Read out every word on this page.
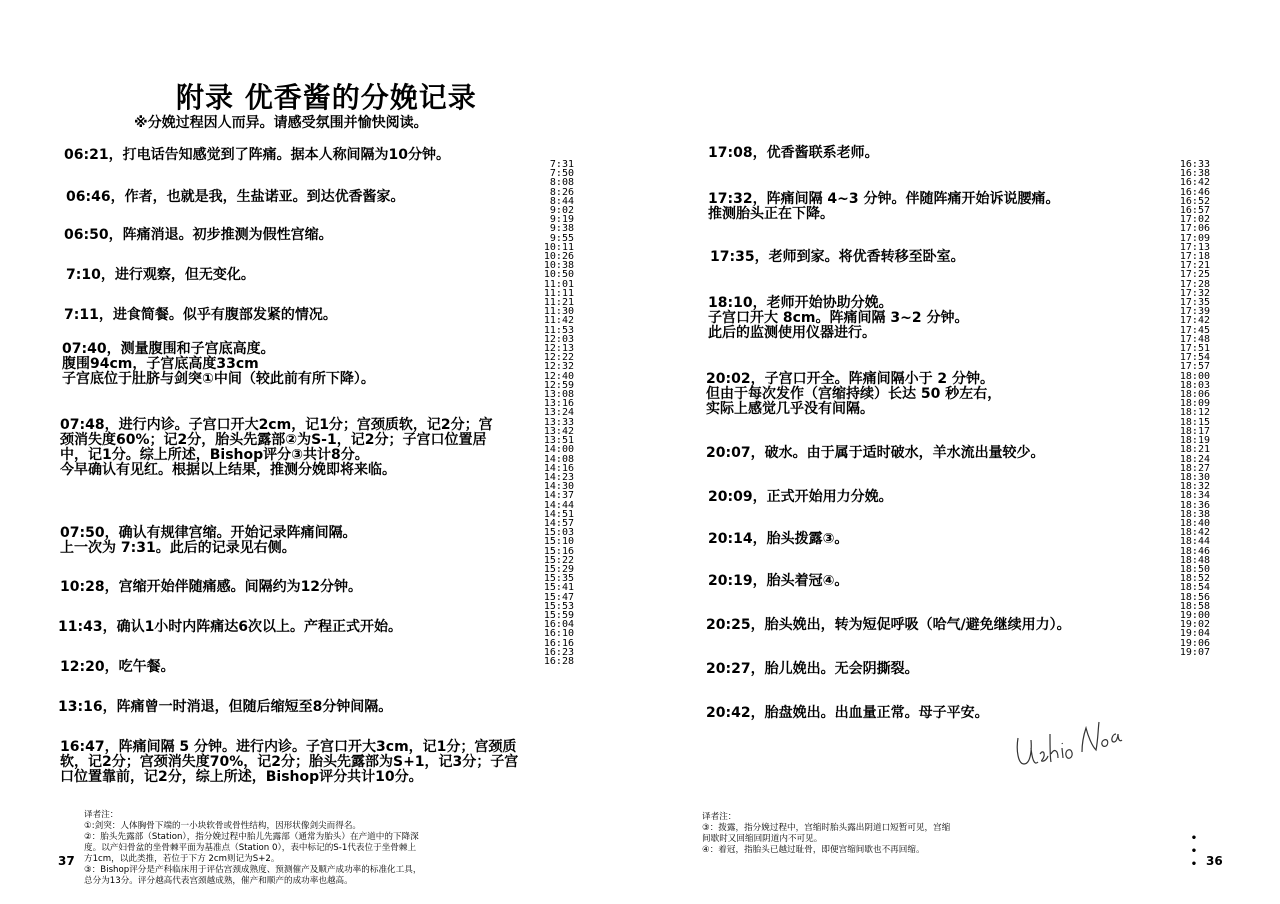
附录 优香酱的分娩记录
※分娩过程因人而异。请感受氛围并愉快阅读。
06:21，打电话告知感觉到了阵痛。据本人称间隔为10分钟。
06:46，作者，也就是我，生盐诺亚。到达优香酱家。
06:50，阵痛消退。初步推测为假性宫缩。
7:10，进行观察，但无变化。
7:11，进食简餐。似乎有腹部发紧的情况。
07:40，测量腹围和子宫底高度。
腹围94cm，子宫底高度33cm
子宫底位于肚脐与剑突①中间（较此前有所下降）。
07:48，进行内诊。子宫口开大2cm，记1分；宫颈质软，记2分；宫
颈消失度60%；记2分，胎头先露部②为S-1，记2分；子宫口位置居
中，记1分。综上所述，Bishop评分③共计8分。
今早确认有见红。根据以上结果，推测分娩即将来临。
07:50，确认有规律宫缩。开始记录阵痛间隔。
上一次为 7:31。此后的记录见右侧。
10:28，宫缩开始伴随痛感。间隔约为12分钟。
11:43，确认1小时内阵痛达6次以上。产程正式开始。
12:20，吃午餐。
13:16，阵痛曾一时消退，但随后缩短至8分钟间隔。
16:47，阵痛间隔 5 分钟。进行内诊。子宫口开大3cm，记1分；宫颈质
软，记2分；宫颈消失度70%，记2分；胎头先露部为S+1，记3分；子宫
口位置靠前，记2分，综上所述，Bishop评分共计10分。
7:31
7:50
8:08
8:26
8:44
9:02
9:19
9:38
9:55
10:11
10:26
10:38
10:50
11:01
11:11
11:21
11:30
11:42
11:53
12:03
12:13
12:22
12:32
12:40
12:59
13:08
13:16
13:24
13:33
13:42
13:51
14:00
14:08
14:16
14:23
14:30
14:37
14:44
14:51
14:57
15:03
15:10
15:16
15:22
15:29
15:35
15:41
15:47
15:53
15:59
16:04
16:10
16:16
16:23
16:28
译者注：
①:剑突：人体胸骨下端的一小块软骨或骨性结构，因形状像剑尖而得名。
②：胎头先露部（Station），指分娩过程中胎儿先露部（通常为胎头）在产道中的下降深
度。以产妇骨盆的坐骨棘平面为基准点（Station 0），表中标记的S-1代表位于坐骨棘上
方1cm，以此类推，若位于下方 2cm则记为S+2。
③：Bishop评分是产科临床用于评估宫颈成熟度、预测催产及顺产成功率的标准化工具，
总分为13分。评分越高代表宫颈越成熟，催产和顺产的成功率也越高。
37
17:08，优香酱联系老师。
17:32，阵痛间隔 4~3 分钟。伴随阵痛开始诉说腰痛。
推测胎头正在下降。
17:35，老师到家。将优香转移至卧室。
18:10，老师开始协助分娩。
子宫口开大 8cm。阵痛间隔 3~2 分钟。
此后的监测使用仪器进行。
20:02，子宫口开全。阵痛间隔小于 2 分钟。
但由于每次发作（宫缩持续）长达 50 秒左右，
实际上感觉几乎没有间隔。
20:07，破水。由于属于适时破水，羊水流出量较少。
20:09，正式开始用力分娩。
20:14，胎头拨露③。
20:19，胎头着冠④。
20:25，胎头娩出，转为短促呼吸（哈气/避免继续用力）。
20:27，胎儿娩出。无会阴撕裂。
20:42，胎盘娩出。出血量正常。母子平安。
16:33
16:38
16:42
16:46
16:52
16:57
17:02
17:06
17:09
17:13
17:18
17:21
17:25
17:28
17:32
17:35
17:39
17:42
17:45
17:48
17:51
17:54
17:57
18:00
18:03
18:06
18:09
18:12
18:15
18:17
18:19
18:21
18:24
18:27
18:30
18:32
18:34
18:36
18:38
18:40
18:42
18:44
18:46
18:48
18:50
18:52
18:54
18:56
18:58
19:00
19:02
19:04
19:06
19:07
译者注：
③：拨露，指分娩过程中，宫缩时胎头露出阴道口短暂可见，宫缩
间歇时又回缩回阴道内不可见。
④：着冠，指胎头已越过耻骨，即便宫缩间歇也不再回缩。
36
•
•
•
